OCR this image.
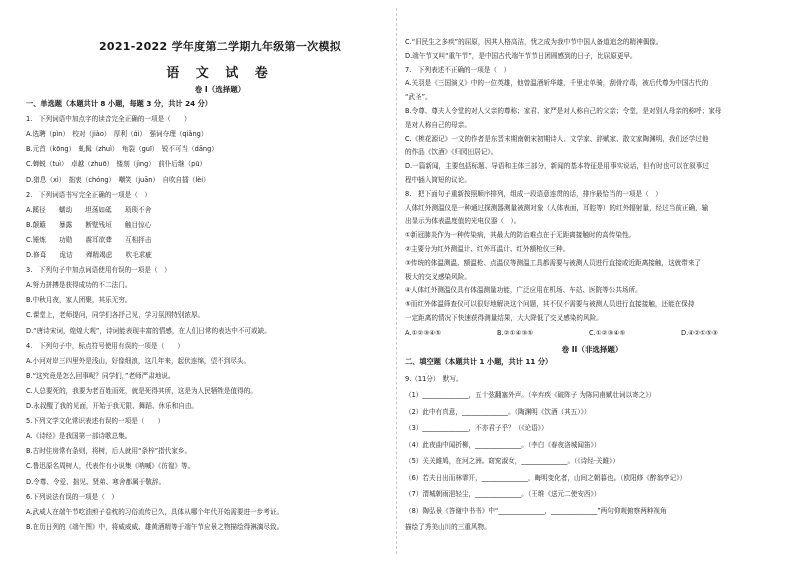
2021-2022 学年度第二学期九年级第一次模拟
语 文 试 卷
卷 I（选择题）
一、单选题（本题共计 8 小题，每题 3 分，共计 24 分）
1.　下列词语中加点字的读音完全正确的一项是（　　）
A.选聘（pìn）　校对（jiào）　厚利（ɑ́i）　强词夺理（qiǎng）
B.元首（kōng）　虬髯（zhuì）　龟裂（guī）　锐不可当（dāng）
C.蝉蜕（tuì）　卓越（zhuō）　镂刻（jìng）　前仆后继（pū）
D.猎息（xì）　拙衷（chóng）　嘲笑（juān）　自吹自擂（lèi）
2.　下列词语书写完全正确的一项是（　）
A.蹊径　　蠕动　　坦荡如砥　　琐琐不舍
B.颠簸　　暴露　　断壁残垣　　触目惊心
C.锤炼　　功勋　　震耳欲聋　　互相抨击
D.修葺　　诡诘　　殚精竭虑　　吹毛求疵
3.　下列句子中加点词语使用有误的一项是（　）
A.努力拼搏是获得成功的不二法门。
B.中秋月夜，家人团聚，其乐无穷。
C.课堂上，老师提问，同学们各抒己见，学习氛围特别浓厚。
D.“唐诗宋词，煌煌大观”，诗词能表现丰富的情感，在人们日常的表达中不可或缺。
4.　下列句子中，标点符号使用有误的一项是（　　）
A.小河对岸三四里外是浅山，好像细浪，这几年来，起伏连绵，望不到尽头。
B.“这究竟是怎么回事呢？同学们，”老师严肃地说。
C.人总要死的，我要为老百姓而死，就是死得其所，这是为人民牺牲是值得的。
D.永叔醒了我的见面，开始于我无限、舞蹈、休乐和自由。
5.下列文学文化常识表述有误的一项是（　　）
A.《诗经》是我国第一部诗歌总集。
B.古时住房常有条则，将树，后人就用“条梓”指代家乡。
C.鲁迅原名周树人，代表作有小说集《呐喊》《彷徨》等。
D.令尊、令爱、拙见、贤弟、寒舍都属于敬辞。
6.下列说法有误的一项是（　）
A.武威人在端午节吃油煎子卷枕的习俗流传已久，具体从哪个年代开始需要进一步考证。
B.在历日列的《端午图》中，将威威威、雄黄酒精等于端午节应景之物描绘得淋漓尽致。
C.“旧民生之多疾”的屈原，因其人格高洁，忧之成为我中节中国人备道追念的精神偶像。
D.端午节又叫“重午节”，是中国古代端午节节日团圆感到的日子，比屈原更早。
7.　下列表述不正确的一项是（　）
A.关羽是《三国演义》中的一位英雄，他曾温酒斩华雄，千里走单骑，刮骨疗毒，被后代尊为中国古代的
“武圣”。
B.令尊、尊夫人令堂的对人父亲的尊称；家君、家严是对人称自己的父亲；令堂，是对别人母亲的称呼；家母
是对人称自己的母亲。
C.《桃花源记》一文的作者是东晋末期南朝宋初期诗人、文学家、辞赋家、散文家陶渊明，我们还学过他
的作品《饮酒》《归园田居记》。
D.一篇新闻，主要包括标题、导语和主体三部分，新闻的基本特征是用事实说话，但有时也可以在叙事过
程中插入简短的议论。
8.　把下面句子重新按照顺序排列，组成一段语意连贯的话，排序最恰当的一项是（　）
人体红外测温仪是一种通过探测器测量被测对象（人体表面，耳腔等）的红外辐射量，经过当前正确，输
出显示为体表温度值的光电仪器（　）。
①新冠肺炎作为一种传染病，其最大的防治难点在于无距离接触时的高传染性。
②主要分为红外测温计、红外耳温计、红外额枪仪三种。
③传统的体温测温、额温枪、点温仪等测温工具都需要与被测人员进行直接或近距离接触，这就带来了
极大的交叉感染风险。
④人体红外测温仪具有体温测量功能，广泛应用在机场、车站、医院等公共场所。
⑤而红外体温筛查仪可以很好地解决这个问题，其不仅不需要与被测人员进行直接接触，还能在保持
一定距离的情况下快速获得测量结果，大大降低了交叉感染的风险。
A.①②③④⑤	B.②①④③⑤	C.①②③④⑤	D.④②①⑤③
卷 II（非选择题）
二、填空题（本题共计 1 小题，共计 11 分）
9.（11分）　默写。
（1）______________，五十弦翻塞外声。（辛弃疾《破阵子 为陈同甫赋壮词以寄之》）
（2）此中有真意，______________。（陶渊明《饮酒（其五）》）
（3）______________，不亦君子乎？（《论语》）
（4）此夜曲中闻折柳，______________。（李白《春夜洛城闻笛》）
（5）关关雎鸠，在河之洲。窈窕淑女，______________。（《诗经·关雎》）
（6）若夫日出而林霏开，______________，晦明变化者，山间之朝暮也。（欧阳修《醉翁亭记》）
（7）渭城朝雨浥轻尘，______________。（王维《送元二使安西》）
（8）陶弘景《答谢中书书》中“______________，______________”两句仰观俯察两种视角
描绘了秀美山川的三重风物。
